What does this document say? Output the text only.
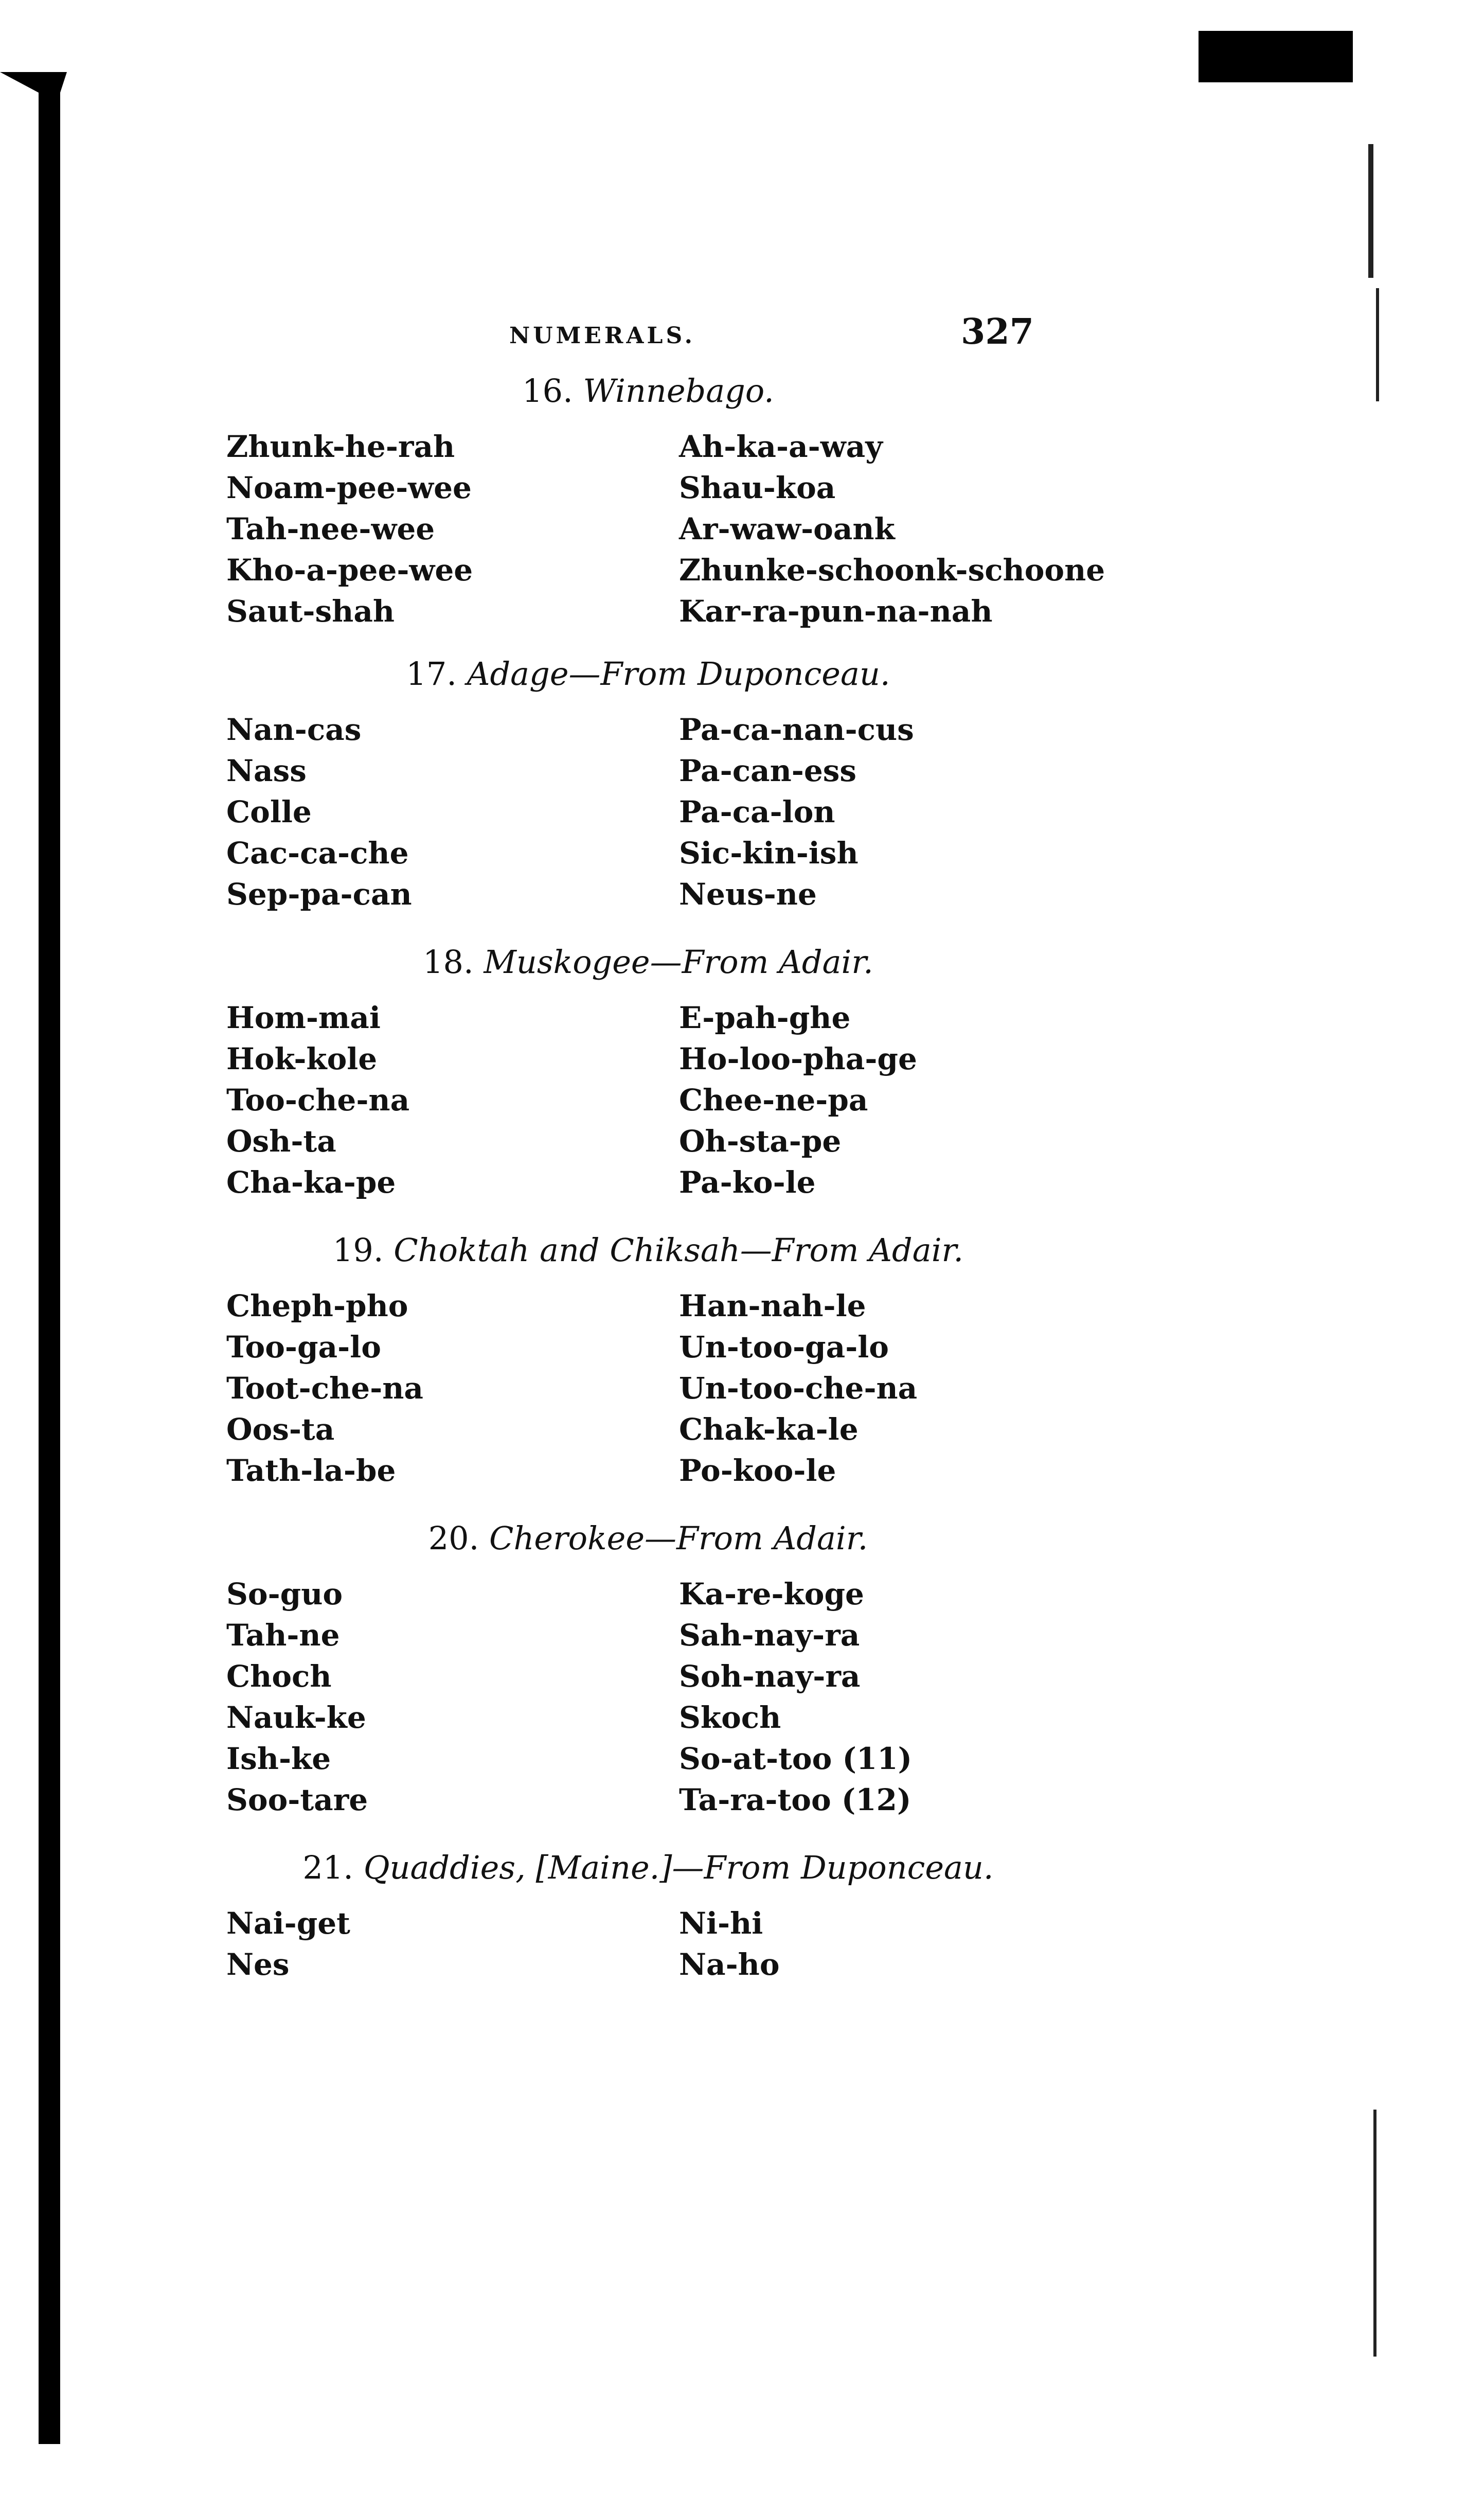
NUMERALS.	327
16. Winnebago.
Zhunk-he-rah	Ah-ka-a-way
Noam-pee-wee	Shau-koa
Tah-nee-wee	Ar-waw-oank
Kho-a-pee-wee	Zhunke-schoonk-schoone
Saut-shah	Kar-ra-pun-na-nah
17. Adage—From Duponceau.
Nan-cas	Pa-ca-nan-cus
Nass	Pa-can-ess
Colle	Pa-ca-lon
Cac-ca-che	Sic-kin-ish
Sep-pa-can	Neus-ne
18. Muskogee—From Adair.
Hom-mai	E-pah-ghe
Hok-kole	Ho-loo-pha-ge
Too-che-na	Chee-ne-pa
Osh-ta	Oh-sta-pe
Cha-ka-pe	Pa-ko-le
19. Choktah and Chiksah—From Adair.
Cheph-pho	Han-nah-le
Too-ga-lo	Un-too-ga-lo
Toot-che-na	Un-too-che-na
Oos-ta	Chak-ka-le
Tath-la-be	Po-koo-le
20. Cherokee—From Adair.
So-guo	Ka-re-koge
Tah-ne	Sah-nay-ra
Choch	Soh-nay-ra
Nauk-ke	Skoch
Ish-ke	So-at-too (11)
Soo-tare	Ta-ra-too (12)
21. Quaddies, [Maine.]—From Duponceau.
Nai-get	Ni-hi
Nes	Na-ho
